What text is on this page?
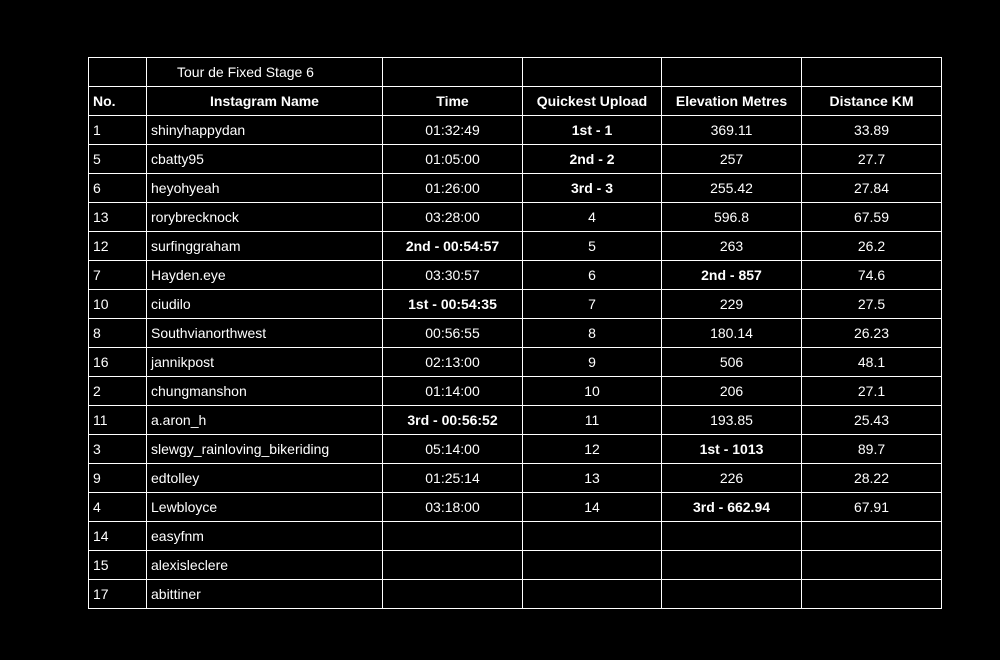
	Tour de Fixed Stage 6				
No.	Instagram Name	Time	Quickest Upload	Elevation Metres	Distance KM
1	shinyhappydan	01:32:49	1st - 1	369.11	33.89
5	cbatty95	01:05:00	2nd - 2	257	27.7
6	heyohyeah	01:26:00	3rd - 3	255.42	27.84
13	rorybrecknock	03:28:00	4	596.8	67.59
12	surfinggraham	2nd - 00:54:57	5	263	26.2
7	Hayden.eye	03:30:57	6	2nd - 857	74.6
10	ciudilo	1st - 00:54:35	7	229	27.5
8	Southvianorthwest	00:56:55	8	180.14	26.23
16	jannikpost	02:13:00	9	506	48.1
2	chungmanshon	01:14:00	10	206	27.1
11	a.aron_h	3rd - 00:56:52	11	193.85	25.43
3	slewgy_rainloving_bikeriding	05:14:00	12	1st - 1013	89.7
9	edtolley	01:25:14	13	226	28.22
4	Lewbloyce	03:18:00	14	3rd - 662.94	67.91
14	easyfnm				
15	alexisleclere				
17	abittiner				
